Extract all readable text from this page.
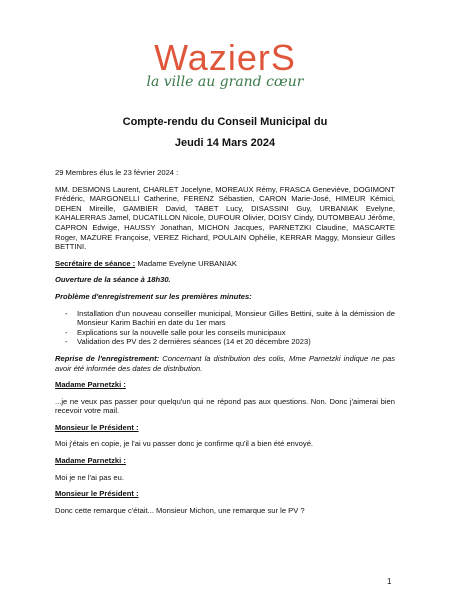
WazierS
la ville au grand cœur
Compte-rendu du Conseil Municipal du
Jeudi 14 Mars 2024

29 Membres élus le 23 février 2024 :

MM. DESMONS Laurent, CHARLET Jocelyne, MOREAUX Rémy, FRASCA Geneviève, DOGIMONT Frédéric, MARGONELLI Catherine, FERENZ Sébastien, CARON Marie-José, HIMEUR Kémici, DEHEN Mireille, GAMBIER David, TABET Lucy, DISASSINI Guy, URBANIAK Evelyne, KAHALERRAS Jamel, DUCATILLON Nicole, DUFOUR Olivier, DOISY Cindy, DUTOMBEAU Jérôme, CAPRON Edwige, HAUSSY Jonathan, MICHON Jacques, PARNETZKI Claudine, MASCARTE Roger, MAZURE Françoise, VEREZ Richard, POULAIN Ophélie, KERRAR Maggy, Monsieur Gilles BETTINI.

Secrétaire de séance : Madame Evelyne URBANIAK

Ouverture de la séance à 18h30.

Problème d'enregistrement sur les premières minutes:

- Installation d'un nouveau conseiller municipal, Monsieur Gilles Bettini, suite à la démission de Monsieur Karim Bachiri en date du 1er mars
- Explications sur la nouvelle salle pour les conseils municipaux
- Validation des PV des 2 dernières séances (14 et 20 décembre 2023)

Reprise de l'enregistrement: Concernant la distribution des colis, Mme Parnetzki indique ne pas avoir été informée des dates de distribution.

Madame Parnetzki :

...je ne veux pas passer pour quelqu'un qui ne répond pas aux questions. Non. Donc j'aimerai bien recevoir votre mail.

Monsieur le Président :

Moi j'étais en copie, je l'ai vu passer donc je confirme qu'il a bien été envoyé.

Madame Parnetzki :

Moi je ne l'ai pas eu.

Monsieur le Président :

Donc cette remarque c'était... Monsieur Michon, une remarque sur le PV ?

1
